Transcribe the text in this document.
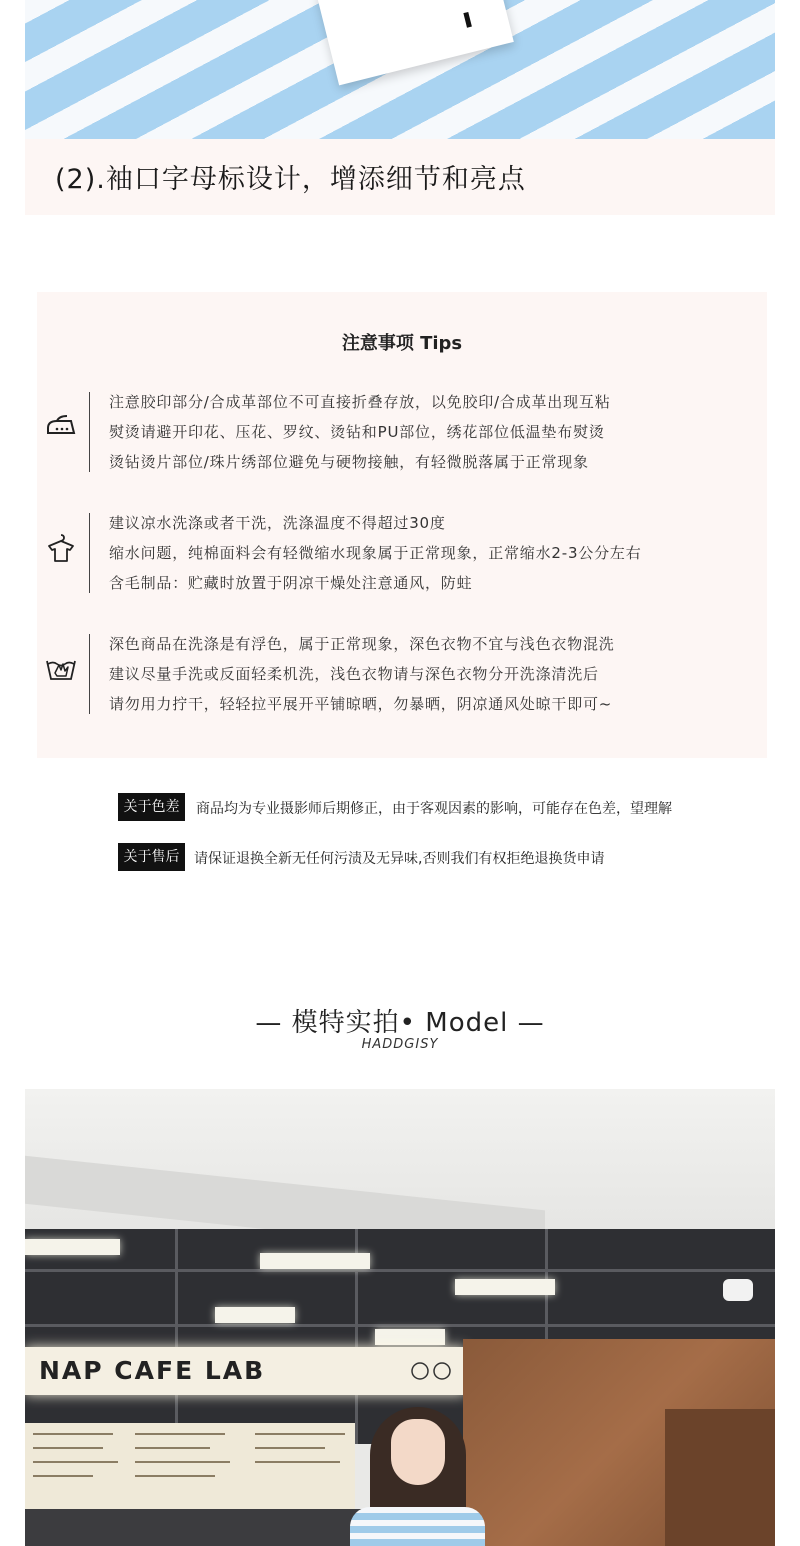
(2).袖口字母标设计，增添细节和亮点
注意事项 Tips
注意胶印部分/合成革部位不可直接折叠存放，以免胶印/合成革出现互粘
熨烫请避开印花、压花、罗纹、烫钻和PU部位，绣花部位低温垫布熨烫
烫钻烫片部位/珠片绣部位避免与硬物接触，有轻微脱落属于正常现象
建议凉水洗涤或者干洗，洗涤温度不得超过30度
缩水问题，纯棉面料会有轻微缩水现象属于正常现象，正常缩水2-3公分左右
含毛制品：贮藏时放置于阴凉干燥处注意通风，防蛀
深色商品在洗涤是有浮色，属于正常现象，深色衣物不宜与浅色衣物混洗
建议尽量手洗或反面轻柔机洗，浅色衣物请与深色衣物分开洗涤清洗后
请勿用力拧干，轻轻拉平展开平铺晾晒，勿暴晒，阴凉通风处晾干即可~
关于色差	商品均为专业摄影师后期修正，由于客观因素的影响，可能存在色差，望理解
关于售后	请保证退换全新无任何污渍及无异味,否则我们有权拒绝退换货申请
— 模特实拍• Model —
HADDGISY
NAP CAFE LAB
